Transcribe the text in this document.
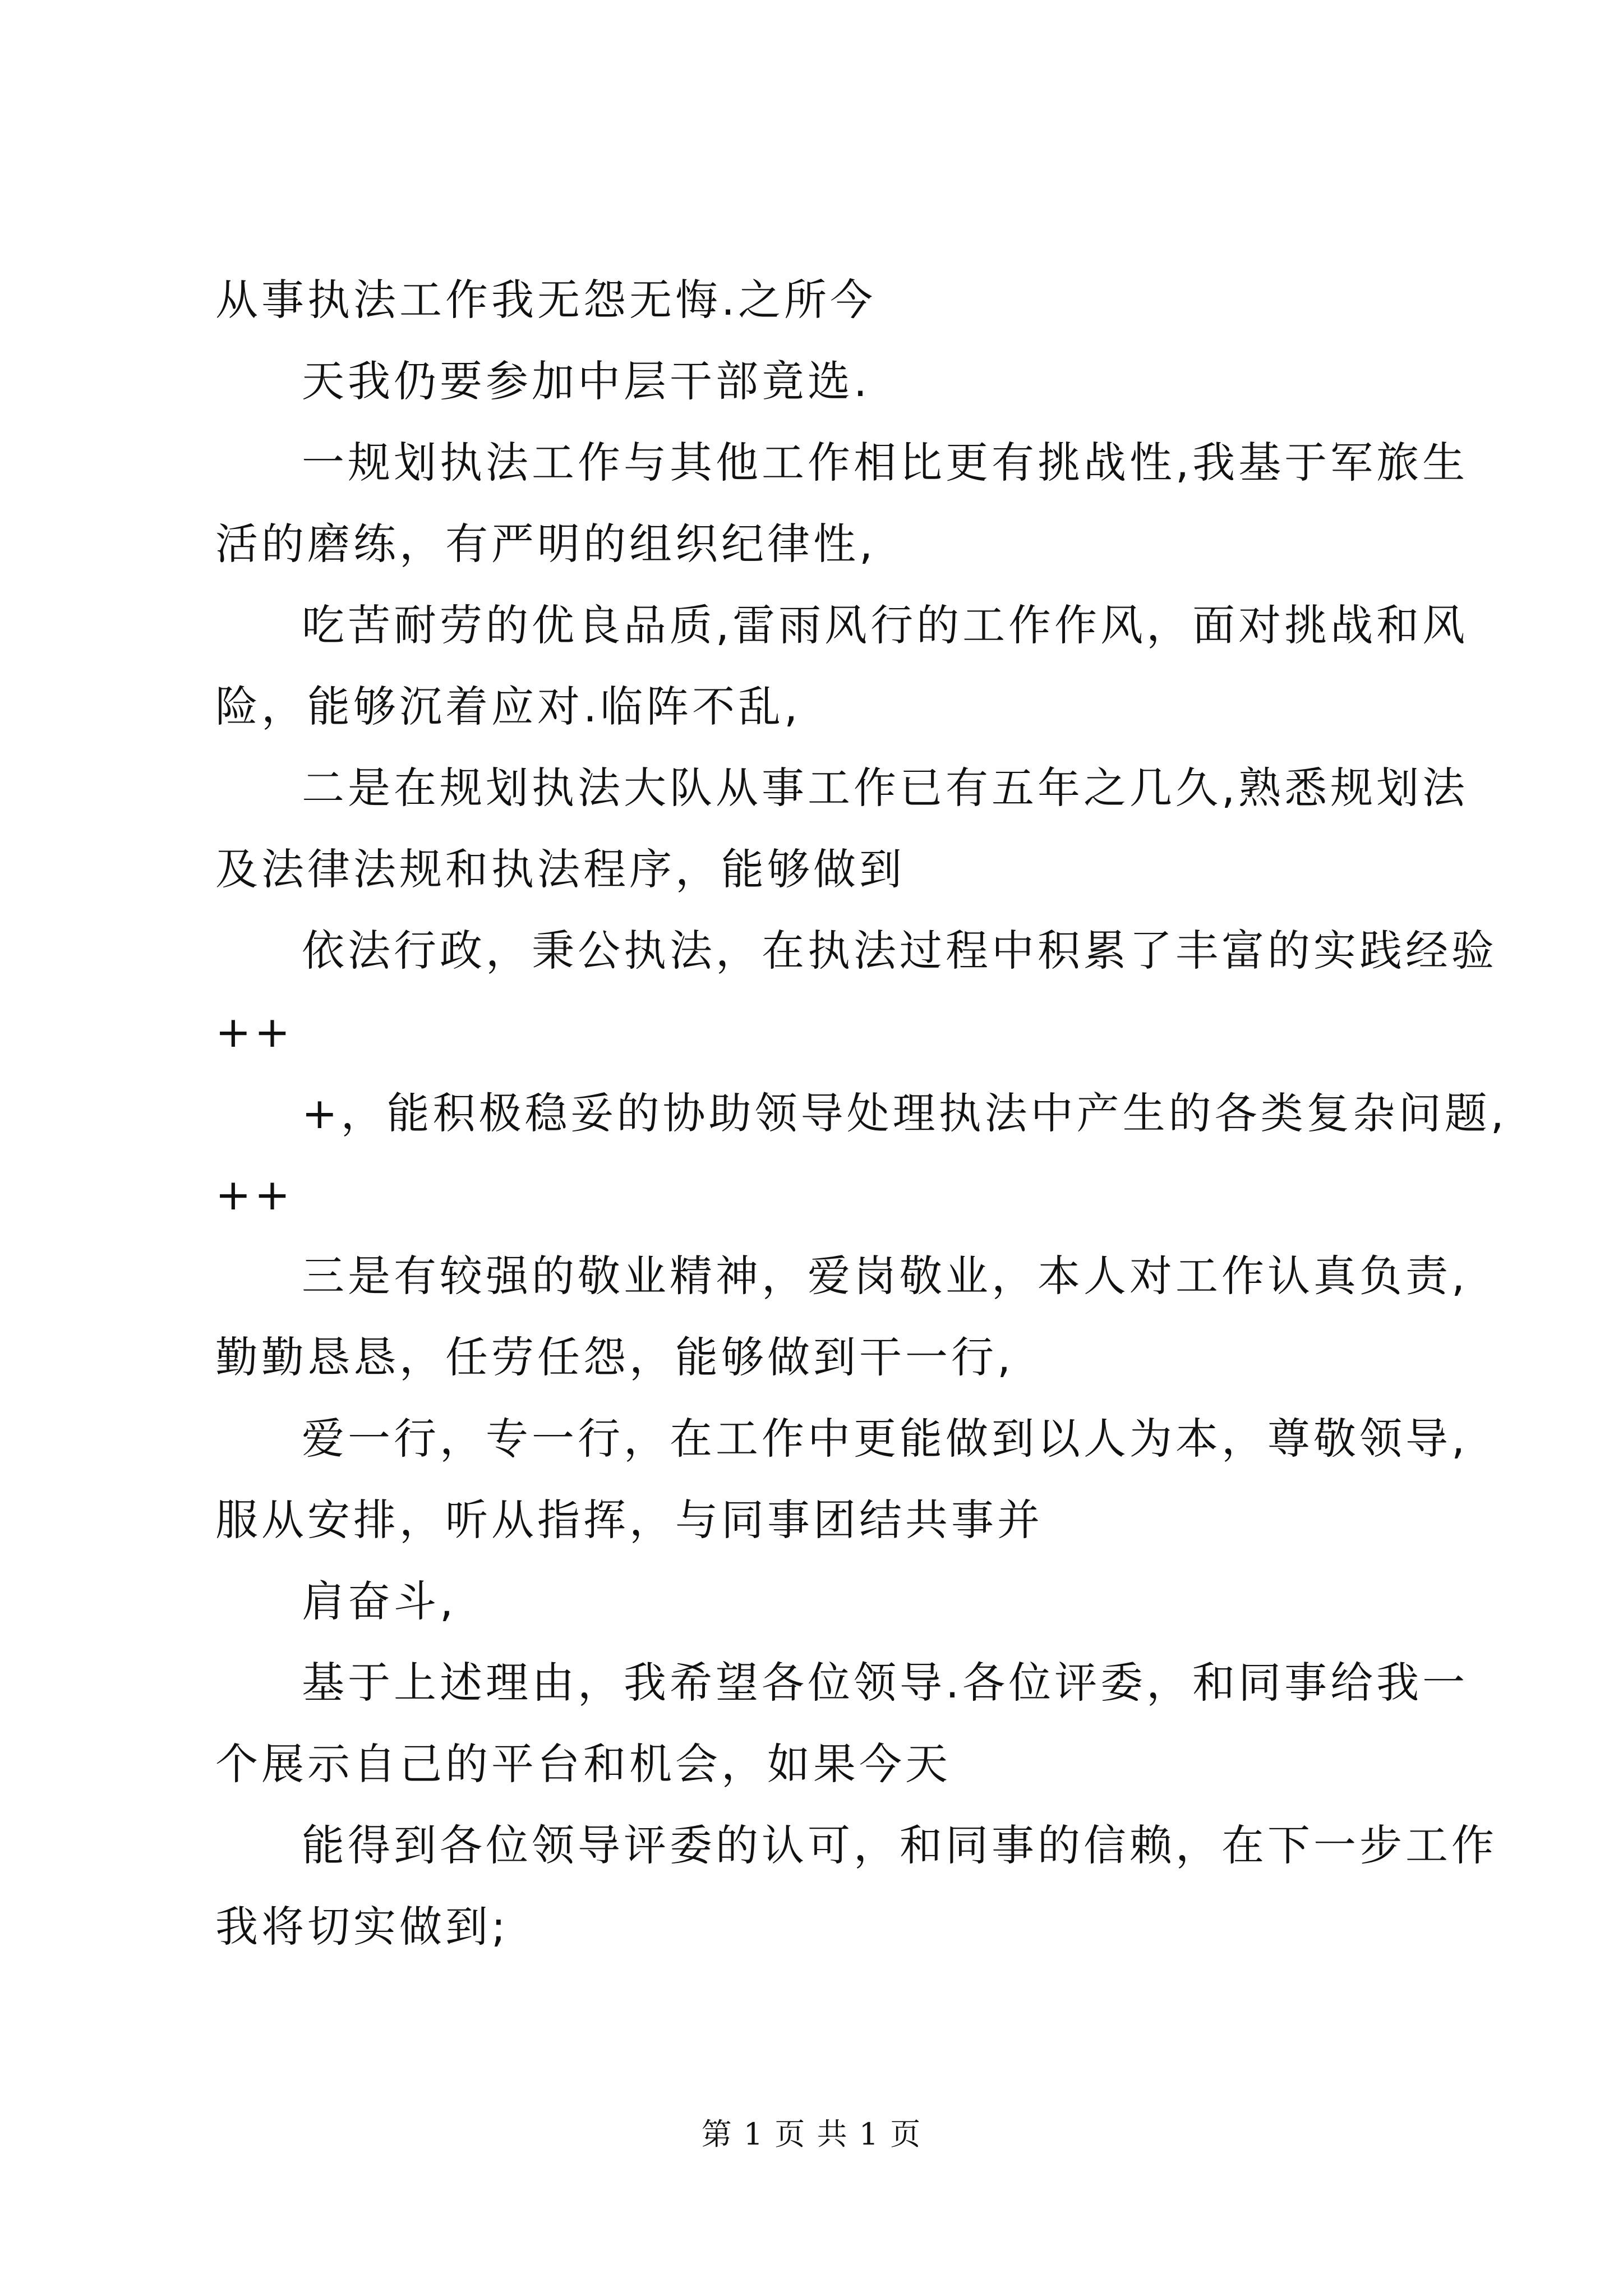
从事执法工作我无怨无悔.之所今

天我仍要参加中层干部竟选.

一规划执法工作与其他工作相比更有挑战性,我基于军旅生

活的磨练，有严明的组织纪律性,

吃苦耐劳的优良品质,雷雨风行的工作作风，面对挑战和风

险，能够沉着应对.临阵不乱,

二是在规划执法大队从事工作已有五年之几久,熟悉规划法

及法律法规和执法程序，能够做到

依法行政，秉公执法，在执法过程中积累了丰富的实践经验

++

+，能积极稳妥的协助领导处理执法中产生的各类复杂问题,

++

三是有较强的敬业精神，爱岗敬业，本人对工作认真负责,

勤勤恳恳，任劳任怨，能够做到干一行,

爱一行，专一行，在工作中更能做到以人为本，尊敬领导,

服从安排，听从指挥，与同事团结共事并

肩奋斗,

基于上述理由，我希望各位领导.各位评委，和同事给我一

个展示自己的平台和机会，如果今天

能得到各位领导评委的认可，和同事的信赖，在下一步工作

我将切实做到;

第 1 页 共 1 页
